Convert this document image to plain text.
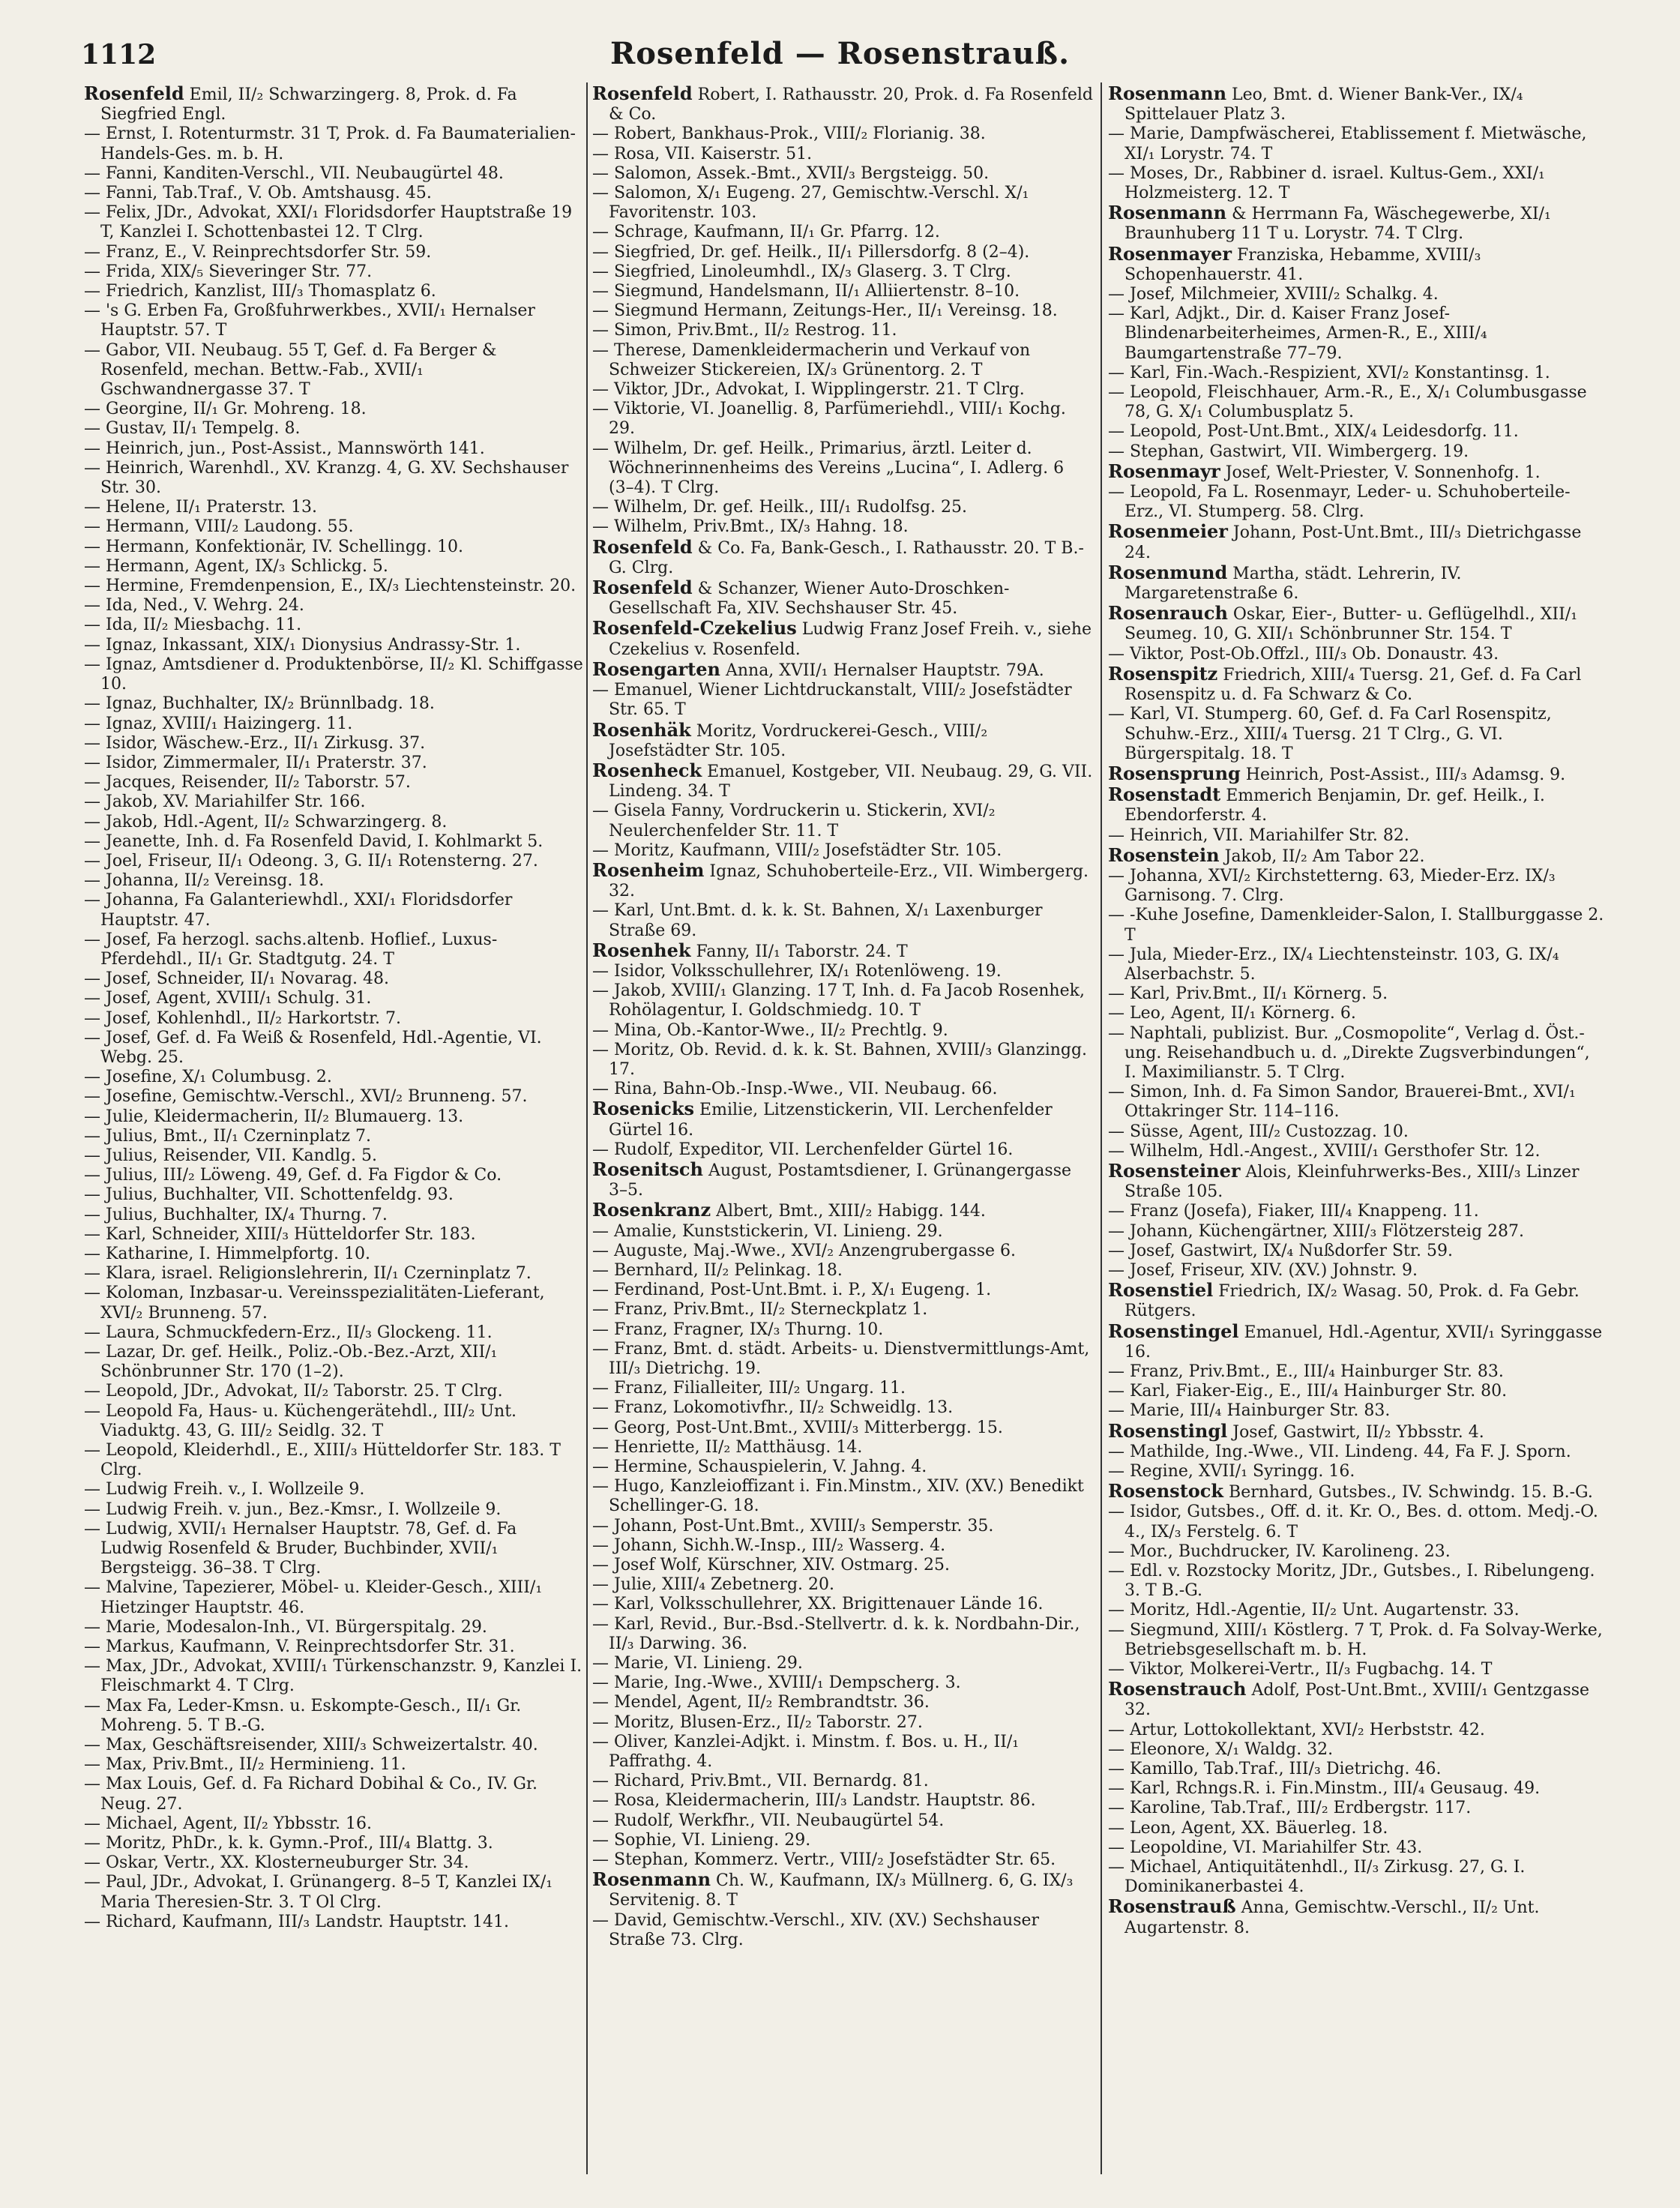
1112	Rosenfeld — Rosenstrauß.

Rosenfeld Emil, II/₂ Schwarzingerg. 8, Prok. d. Fa Siegfried Engl.

— Ernst, I. Rotenturmstr. 31 T, Prok. d. Fa Baumaterialien-Handels-Ges. m. b. H.

— Fanni, Kanditen-Verschl., VII. Neubaugürtel 48.

— Fanni, Tab.Traf., V. Ob. Amtshausg. 45.

— Felix, JDr., Advokat, XXI/₁ Floridsdorfer Hauptstraße 19 T, Kanzlei I. Schottenbastei 12. T Clrg.

— Franz, E., V. Reinprechtsdorfer Str. 59.

— Frida, XIX/₅ Sieveringer Str. 77.

— Friedrich, Kanzlist, III/₃ Thomasplatz 6.

— 's G. Erben Fa, Großfuhrwerkbes., XVII/₁ Hernalser Hauptstr. 57. T

— Gabor, VII. Neubaug. 55 T, Gef. d. Fa Berger & Rosenfeld, mechan. Bettw.-Fab., XVII/₁ Gschwandnergasse 37. T

— Georgine, II/₁ Gr. Mohreng. 18.

— Gustav, II/₁ Tempelg. 8.

— Heinrich, jun., Post-Assist., Mannswörth 141.

— Heinrich, Warenhdl., XV. Kranzg. 4, G. XV. Sechshauser Str. 30.

— Helene, II/₁ Praterstr. 13.

— Hermann, VIII/₂ Laudong. 55.

— Hermann, Konfektionär, IV. Schellingg. 10.

— Hermann, Agent, IX/₃ Schlickg. 5.

— Hermine, Fremdenpension, E., IX/₃ Liechtensteinstr. 20.

— Ida, Ned., V. Wehrg. 24.

— Ida, II/₂ Miesbachg. 11.

— Ignaz, Inkassant, XIX/₁ Dionysius Andrassy-Str. 1.

— Ignaz, Amtsdiener d. Produktenbörse, II/₂ Kl. Schiffgasse 10.

— Ignaz, Buchhalter, IX/₂ Brünnlbadg. 18.

— Ignaz, XVIII/₁ Haizingerg. 11.

— Isidor, Wäschew.-Erz., II/₁ Zirkusg. 37.

— Isidor, Zimmermaler, II/₁ Praterstr. 37.

— Jacques, Reisender, II/₂ Taborstr. 57.

— Jakob, XV. Mariahilfer Str. 166.

— Jakob, Hdl.-Agent, II/₂ Schwarzingerg. 8.

— Jeanette, Inh. d. Fa Rosenfeld David, I. Kohlmarkt 5.

— Joel, Friseur, II/₁ Odeong. 3, G. II/₁ Rotensterng. 27.

— Johanna, II/₂ Vereinsg. 18.

— Johanna, Fa Galanteriewhdl., XXI/₁ Floridsdorfer Hauptstr. 47.

— Josef, Fa herzogl. sachs.altenb. Hoflief., Luxus-Pferdehdl., II/₁ Gr. Stadtgutg. 24. T

— Josef, Schneider, II/₁ Novarag. 48.

— Josef, Agent, XVIII/₁ Schulg. 31.

— Josef, Kohlenhdl., II/₂ Harkortstr. 7.

— Josef, Gef. d. Fa Weiß & Rosenfeld, Hdl.-Agentie, VI. Webg. 25.

— Josefine, X/₁ Columbusg. 2.

— Josefine, Gemischtw.-Verschl., XVI/₂ Brunneng. 57.

— Julie, Kleidermacherin, II/₂ Blumauerg. 13.

— Julius, Bmt., II/₁ Czerninplatz 7.

— Julius, Reisender, VII. Kandlg. 5.

— Julius, III/₂ Löweng. 49, Gef. d. Fa Figdor & Co.

— Julius, Buchhalter, VII. Schottenfeldg. 93.

— Julius, Buchhalter, IX/₄ Thurng. 7.

— Karl, Schneider, XIII/₃ Hütteldorfer Str. 183.

— Katharine, I. Himmelpfortg. 10.

— Klara, israel. Religionslehrerin, II/₁ Czerninplatz 7.

— Koloman, Inzbasar-u. Vereinsspezialitäten-Lieferant, XVI/₂ Brunneng. 57.

— Laura, Schmuckfedern-Erz., II/₃ Glockeng. 11.

— Lazar, Dr. gef. Heilk., Poliz.-Ob.-Bez.-Arzt, XII/₁ Schönbrunner Str. 170 (1–2).

— Leopold, JDr., Advokat, II/₂ Taborstr. 25. T Clrg.

— Leopold Fa, Haus- u. Küchengerätehdl., III/₂ Unt. Viaduktg. 43, G. III/₂ Seidlg. 32. T

— Leopold, Kleiderhdl., E., XIII/₃ Hütteldorfer Str. 183. T Clrg.

— Ludwig Freih. v., I. Wollzeile 9.

— Ludwig Freih. v. jun., Bez.-Kmsr., I. Wollzeile 9.

— Ludwig, XVII/₁ Hernalser Hauptstr. 78, Gef. d. Fa Ludwig Rosenfeld & Bruder, Buchbinder, XVII/₁ Bergsteigg. 36–38. T Clrg.

— Malvine, Tapezierer, Möbel- u. Kleider-Gesch., XIII/₁ Hietzinger Hauptstr. 46.

— Marie, Modesalon-Inh., VI. Bürgerspitalg. 29.

— Markus, Kaufmann, V. Reinprechtsdorfer Str. 31.

— Max, JDr., Advokat, XVIII/₁ Türkenschanzstr. 9, Kanzlei I. Fleischmarkt 4. T Clrg.

— Max Fa, Leder-Kmsn. u. Eskompte-Gesch., II/₁ Gr. Mohreng. 5. T B.-G.

— Max, Geschäftsreisender, XIII/₃ Schweizertalstr. 40.

— Max, Priv.Bmt., II/₂ Herminieng. 11.

— Max Louis, Gef. d. Fa Richard Dobihal & Co., IV. Gr. Neug. 27.

— Michael, Agent, II/₂ Ybbsstr. 16.

— Moritz, PhDr., k. k. Gymn.-Prof., III/₄ Blattg. 3.

— Oskar, Vertr., XX. Klosterneuburger Str. 34.

— Paul, JDr., Advokat, I. Grünangerg. 8–5 T, Kanzlei IX/₁ Maria Theresien-Str. 3. T Ol Clrg.

— Richard, Kaufmann, III/₃ Landstr. Hauptstr. 141.

Rosenfeld Robert, I. Rathausstr. 20, Prok. d. Fa Rosenfeld & Co.

— Robert, Bankhaus-Prok., VIII/₂ Florianig. 38.

— Rosa, VII. Kaiserstr. 51.

— Salomon, Assek.-Bmt., XVII/₃ Bergsteigg. 50.

— Salomon, X/₁ Eugeng. 27, Gemischtw.-Verschl. X/₁ Favoritenstr. 103.

— Schrage, Kaufmann, II/₁ Gr. Pfarrg. 12.

— Siegfried, Dr. gef. Heilk., II/₁ Pillersdorfg. 8 (2–4).

— Siegfried, Linoleumhdl., IX/₃ Glaserg. 3. T Clrg.

— Siegmund, Handelsmann, II/₁ Alliiertenstr. 8–10.

— Siegmund Hermann, Zeitungs-Her., II/₁ Vereinsg. 18.

— Simon, Priv.Bmt., II/₂ Restrog. 11.

— Therese, Damenkleidermacherin und Verkauf von Schweizer Stickereien, IX/₃ Grünentorg. 2. T

— Viktor, JDr., Advokat, I. Wipplingerstr. 21. T Clrg.

— Viktorie, VI. Joanellig. 8, Parfümeriehdl., VIII/₁ Kochg. 29.

— Wilhelm, Dr. gef. Heilk., Primarius, ärztl. Leiter d. Wöchnerinnenheims des Vereins „Lucina“, I. Adlerg. 6 (3–4). T Clrg.

— Wilhelm, Dr. gef. Heilk., III/₁ Rudolfsg. 25.

— Wilhelm, Priv.Bmt., IX/₃ Hahng. 18.

Rosenfeld & Co. Fa, Bank-Gesch., I. Rathausstr. 20. T B.-G. Clrg.

Rosenfeld & Schanzer, Wiener Auto-Droschken-Gesellschaft Fa, XIV. Sechshauser Str. 45.

Rosenfeld-Czekelius Ludwig Franz Josef Freih. v., siehe Czekelius v. Rosenfeld.

Rosengarten Anna, XVII/₁ Hernalser Hauptstr. 79A.

— Emanuel, Wiener Lichtdruckanstalt, VIII/₂ Josefstädter Str. 65. T

Rosenhäk Moritz, Vordruckerei-Gesch., VIII/₂ Josefstädter Str. 105.

Rosenheck Emanuel, Kostgeber, VII. Neubaug. 29, G. VII. Lindeng. 34. T

— Gisela Fanny, Vordruckerin u. Stickerin, XVI/₂ Neulerchenfelder Str. 11. T

— Moritz, Kaufmann, VIII/₂ Josefstädter Str. 105.

Rosenheim Ignaz, Schuhoberteile-Erz., VII. Wimbergerg. 32.

— Karl, Unt.Bmt. d. k. k. St. Bahnen, X/₁ Laxenburger Straße 69.

Rosenhek Fanny, II/₁ Taborstr. 24. T

— Isidor, Volksschullehrer, IX/₁ Rotenlöweng. 19.

— Jakob, XVIII/₁ Glanzing. 17 T, Inh. d. Fa Jacob Rosenhek, Rohölagentur, I. Goldschmiedg. 10. T

— Mina, Ob.-Kantor-Wwe., II/₂ Prechtlg. 9.

— Moritz, Ob. Revid. d. k. k. St. Bahnen, XVIII/₃ Glanzingg. 17.

— Rina, Bahn-Ob.-Insp.-Wwe., VII. Neubaug. 66.

Rosenicks Emilie, Litzenstickerin, VII. Lerchenfelder Gürtel 16.

— Rudolf, Expeditor, VII. Lerchenfelder Gürtel 16.

Rosenitsch August, Postamtsdiener, I. Grünangergasse 3–5.

Rosenkranz Albert, Bmt., XIII/₂ Habigg. 144.

— Amalie, Kunststickerin, VI. Linieng. 29.

— Auguste, Maj.-Wwe., XVI/₂ Anzengrubergasse 6.

— Bernhard, II/₂ Pelinkag. 18.

— Ferdinand, Post-Unt.Bmt. i. P., X/₁ Eugeng. 1.

— Franz, Priv.Bmt., II/₂ Sterneckplatz 1.

— Franz, Fragner, IX/₃ Thurng. 10.

— Franz, Bmt. d. städt. Arbeits- u. Dienstvermittlungs-Amt, III/₃ Dietrichg. 19.

— Franz, Filialleiter, III/₂ Ungarg. 11.

— Franz, Lokomotivfhr., II/₂ Schweidlg. 13.

— Georg, Post-Unt.Bmt., XVIII/₃ Mitterbergg. 15.

— Henriette, II/₂ Matthäusg. 14.

— Hermine, Schauspielerin, V. Jahng. 4.

— Hugo, Kanzleioffizant i. Fin.Minstm., XIV. (XV.) Benedikt Schellinger-G. 18.

— Johann, Post-Unt.Bmt., XVIII/₃ Semperstr. 35.

— Johann, Sichh.W.-Insp., III/₂ Wasserg. 4.

— Josef Wolf, Kürschner, XIV. Ostmarg. 25.

— Julie, XIII/₄ Zebetnerg. 20.

— Karl, Volksschullehrer, XX. Brigittenauer Lände 16.

— Karl, Revid., Bur.-Bsd.-Stellvertr. d. k. k. Nordbahn-Dir., II/₃ Darwing. 36.

— Marie, VI. Linieng. 29.

— Marie, Ing.-Wwe., XVIII/₁ Dempscherg. 3.

— Mendel, Agent, II/₂ Rembrandtstr. 36.

— Moritz, Blusen-Erz., II/₂ Taborstr. 27.

— Oliver, Kanzlei-Adjkt. i. Minstm. f. Bos. u. H., II/₁ Paffrathg. 4.

— Richard, Priv.Bmt., VII. Bernardg. 81.

— Rosa, Kleidermacherin, III/₃ Landstr. Hauptstr. 86.

— Rudolf, Werkfhr., VII. Neubaugürtel 54.

— Sophie, VI. Linieng. 29.

— Stephan, Kommerz. Vertr., VIII/₂ Josefstädter Str. 65.

Rosenmann Ch. W., Kaufmann, IX/₃ Müllnerg. 6, G. IX/₃ Servitenig. 8. T

— David, Gemischtw.-Verschl., XIV. (XV.) Sechshauser Straße 73. Clrg.

Rosenmann Leo, Bmt. d. Wiener Bank-Ver., IX/₄ Spittelauer Platz 3.

— Marie, Dampfwäscherei, Etablissement f. Mietwäsche, XI/₁ Lorystr. 74. T

— Moses, Dr., Rabbiner d. israel. Kultus-Gem., XXI/₁ Holzmeisterg. 12. T

Rosenmann & Herrmann Fa, Wäschegewerbe, XI/₁ Braunhuberg 11 T u. Lorystr. 74. T Clrg.

Rosenmayer Franziska, Hebamme, XVIII/₃ Schopenhauerstr. 41.

— Josef, Milchmeier, XVIII/₂ Schalkg. 4.

— Karl, Adjkt., Dir. d. Kaiser Franz Josef-Blindenarbeiterheimes, Armen-R., E., XIII/₄ Baumgartenstraße 77–79.

— Karl, Fin.-Wach.-Respizient, XVI/₂ Konstantinsg. 1.

— Leopold, Fleischhauer, Arm.-R., E., X/₁ Columbusgasse 78, G. X/₁ Columbusplatz 5.

— Leopold, Post-Unt.Bmt., XIX/₄ Leidesdorfg. 11.

— Stephan, Gastwirt, VII. Wimbergerg. 19.

Rosenmayr Josef, Welt-Priester, V. Sonnenhofg. 1.

— Leopold, Fa L. Rosenmayr, Leder- u. Schuhoberteile-Erz., VI. Stumperg. 58. Clrg.

Rosenmeier Johann, Post-Unt.Bmt., III/₃ Dietrichgasse 24.

Rosenmund Martha, städt. Lehrerin, IV. Margaretenstraße 6.

Rosenrauch Oskar, Eier-, Butter- u. Geflügelhdl., XII/₁ Seumeg. 10, G. XII/₁ Schönbrunner Str. 154. T

— Viktor, Post-Ob.Offzl., III/₃ Ob. Donaustr. 43.

Rosenspitz Friedrich, XIII/₄ Tuersg. 21, Gef. d. Fa Carl Rosenspitz u. d. Fa Schwarz & Co.

— Karl, VI. Stumperg. 60, Gef. d. Fa Carl Rosenspitz, Schuhw.-Erz., XIII/₄ Tuersg. 21 T Clrg., G. VI. Bürgerspitalg. 18. T

Rosensprung Heinrich, Post-Assist., III/₃ Adamsg. 9.

Rosenstadt Emmerich Benjamin, Dr. gef. Heilk., I. Ebendorferstr. 4.

— Heinrich, VII. Mariahilfer Str. 82.

Rosenstein Jakob, II/₂ Am Tabor 22.

— Johanna, XVI/₂ Kirchstetterng. 63, Mieder-Erz. IX/₃ Garnisong. 7. Clrg.

— -Kuhe Josefine, Damenkleider-Salon, I. Stallburggasse 2. T

— Jula, Mieder-Erz., IX/₄ Liechtensteinstr. 103, G. IX/₄ Alserbachstr. 5.

— Karl, Priv.Bmt., II/₁ Körnerg. 5.

— Leo, Agent, II/₁ Körnerg. 6.

— Naphtali, publizist. Bur. „Cosmopolite“, Verlag d. Öst.-ung. Reisehandbuch u. d. „Direkte Zugsverbindungen“, I. Maximilianstr. 5. T Clrg.

— Simon, Inh. d. Fa Simon Sandor, Brauerei-Bmt., XVI/₁ Ottakringer Str. 114–116.

— Süsse, Agent, III/₂ Custozzag. 10.

— Wilhelm, Hdl.-Angest., XVIII/₁ Gersthofer Str. 12.

Rosensteiner Alois, Kleinfuhrwerks-Bes., XIII/₃ Linzer Straße 105.

— Franz (Josefa), Fiaker, III/₄ Knappeng. 11.

— Johann, Küchengärtner, XIII/₃ Flötzersteig 287.

— Josef, Gastwirt, IX/₄ Nußdorfer Str. 59.

— Josef, Friseur, XIV. (XV.) Johnstr. 9.

Rosenstiel Friedrich, IX/₂ Wasag. 50, Prok. d. Fa Gebr. Rütgers.

Rosenstingel Emanuel, Hdl.-Agentur, XVII/₁ Syringgasse 16.

— Franz, Priv.Bmt., E., III/₄ Hainburger Str. 83.

— Karl, Fiaker-Eig., E., III/₄ Hainburger Str. 80.

— Marie, III/₄ Hainburger Str. 83.

Rosenstingl Josef, Gastwirt, II/₂ Ybbsstr. 4.

— Mathilde, Ing.-Wwe., VII. Lindeng. 44, Fa F. J. Sporn.

— Regine, XVII/₁ Syringg. 16.

Rosenstock Bernhard, Gutsbes., IV. Schwindg. 15. B.-G.

— Isidor, Gutsbes., Off. d. it. Kr. O., Bes. d. ottom. Medj.-O. 4., IX/₃ Ferstelg. 6. T

— Mor., Buchdrucker, IV. Karolineng. 23.

— Edl. v. Rozstocky Moritz, JDr., Gutsbes., I. Ribelungeng. 3. T B.-G.

— Moritz, Hdl.-Agentie, II/₂ Unt. Augartenstr. 33.

— Siegmund, XIII/₁ Köstlerg. 7 T, Prok. d. Fa Solvay-Werke, Betriebsgesellschaft m. b. H.

— Viktor, Molkerei-Vertr., II/₃ Fugbachg. 14. T

Rosenstrauch Adolf, Post-Unt.Bmt., XVIII/₁ Gentzgasse 32.

— Artur, Lottokollektant, XVI/₂ Herbststr. 42.

— Eleonore, X/₁ Waldg. 32.

— Kamillo, Tab.Traf., III/₃ Dietrichg. 46.

— Karl, Rchngs.R. i. Fin.Minstm., III/₄ Geusaug. 49.

— Karoline, Tab.Traf., III/₂ Erdbergstr. 117.

— Leon, Agent, XX. Bäuerleg. 18.

— Leopoldine, VI. Mariahilfer Str. 43.

— Michael, Antiquitätenhdl., II/₃ Zirkusg. 27, G. I. Dominikanerbastei 4.

Rosenstrauß Anna, Gemischtw.-Verschl., II/₂ Unt. Augartenstr. 8.
